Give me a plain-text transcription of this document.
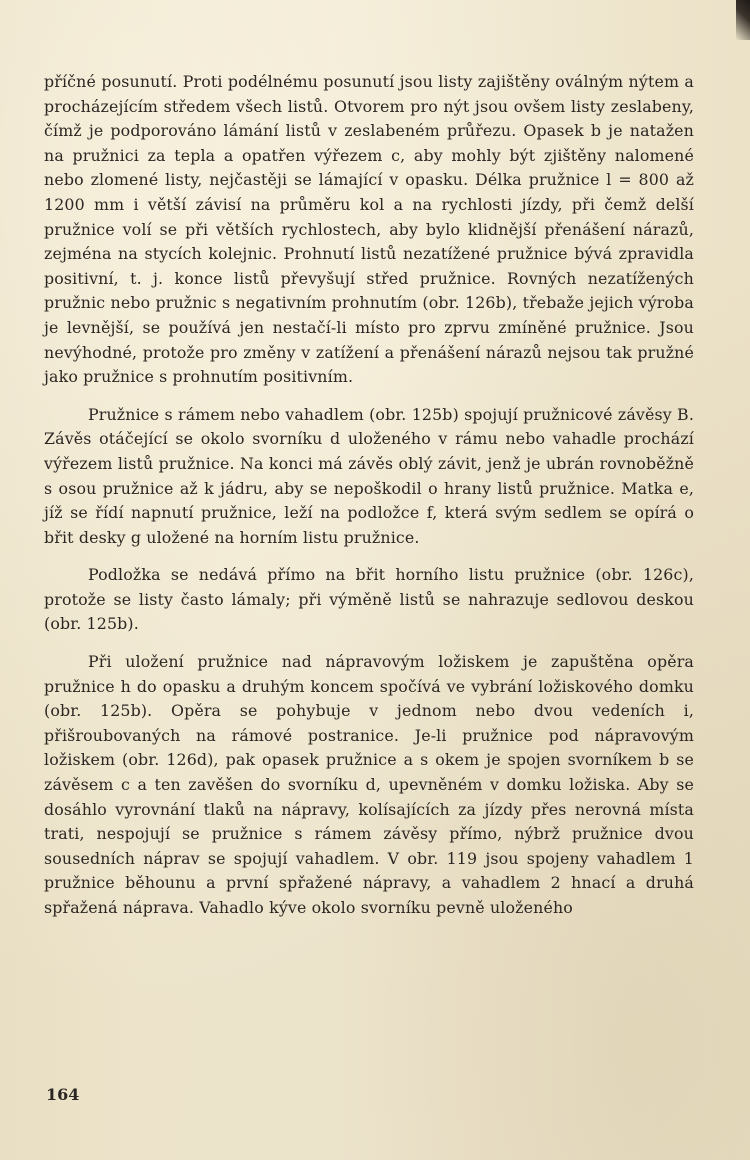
příčné posunutí. Proti podélnému posunutí jsou listy zajištěny oválným nýtem a procházejícím středem všech listů. Otvorem pro nýt jsou ovšem listy zeslabeny, čímž je podporováno lámání listů v zeslabeném průřezu. Opasek b je natažen na pružnici za tepla a opatřen výřezem c, aby mohly být zjištěny nalomené nebo zlomené listy, nejčastěji se lámající v opasku. Délka pružnice l = 800 až 1200 mm i větší závisí na průměru kol a na rychlosti jízdy, při čemž delší pružnice volí se při větších rychlostech, aby bylo klidnější přenášení nárazů, zejména na stycích kolejnic. Prohnutí listů nezatížené pružnice bývá zpravidla positivní, t. j. konce listů převyšují střed pružnice. Rovných nezatížených pružnic nebo pružnic s negativním prohnutím (obr. 126b), třebaže jejich výroba je levnější, se používá jen nestačí-li místo pro zprvu zmíněné pružnice. Jsou nevýhodné, protože pro změny v zatížení a přenášení nárazů nejsou tak pružné jako pružnice s prohnutím positivním.

Pružnice s rámem nebo vahadlem (obr. 125b) spojují pružnicové závěsy B. Závěs otáčející se okolo svorníku d uloženého v rámu nebo vahadle prochází výřezem listů pružnice. Na konci má závěs oblý závit, jenž je ubrán rovnoběžně s osou pružnice až k jádru, aby se nepoškodil o hrany listů pružnice. Matka e, jíž se řídí napnutí pružnice, leží na podložce f, která svým sedlem se opírá o břit desky g uložené na horním listu pružnice.

Podložka se nedává přímo na břit horního listu pružnice (obr. 126c), protože se listy často lámaly; při výměně listů se nahrazuje sedlovou deskou (obr. 125b).

Při uložení pružnice nad nápravovým ložiskem je zapuštěna opěra pružnice h do opasku a druhým koncem spočívá ve vybrání ložiskového domku (obr. 125b). Opěra se pohybuje v jednom nebo dvou vedeních i, přišroubovaných na rámové postranice. Je-li pružnice pod nápravovým ložiskem (obr. 126d), pak opasek pružnice a s okem je spojen svorníkem b se závěsem c a ten zavěšen do svorníku d, upevněném v domku ložiska. Aby se dosáhlo vyrovnání tlaků na nápravy, kolísajících za jízdy přes nerovná místa trati, nespojují se pružnice s rámem závěsy přímo, nýbrž pružnice dvou sousedních náprav se spojují vahadlem. V obr. 119 jsou spojeny vahadlem 1 pružnice běhounu a první spřažené nápravy, a vahadlem 2 hnací a druhá spřažená náprava. Vahadlo kýve okolo svorníku pevně uloženého

164
